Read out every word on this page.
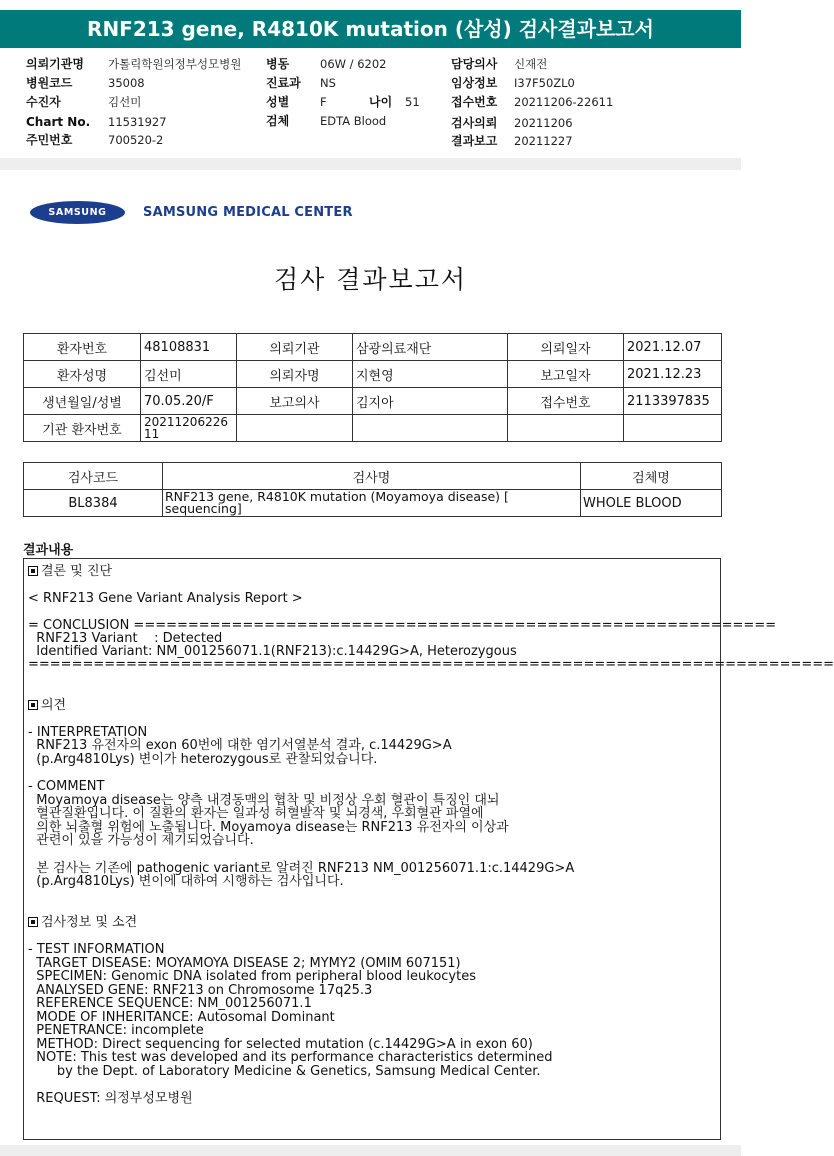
RNF213 gene, R4810K mutation (삼성) 검사결과보고서
의뢰기관명 가톨릭학원의정부성모병원
병원코드	35008
수진자	김선미
Chart No. 11531927
주민번호	700520-2
병동	06W / 6202
진료과 NS
성별	F	나이 51
검체	EDTA Blood
담당의사 신재전
임상정보 I37F50ZL0
접수번호 20211206-22611
검사의뢰 20211206
결과보고 20211227
SAMSUNG	SAMSUNG MEDICAL CENTER
검사 결과보고서
환자번호	48108831	의뢰기관	삼광의료재단	의뢰일자	2021.12.07
환자성명	김선미	의뢰자명	지현영	보고일자	2021.12.23
생년월일/성별	70.05.20/F	보고의사	김지아	접수번호	2113397835
기관 환자번호	20211206226 11				
검사코드	검사명	검체명
BL8384	RNF213 gene, R4810K mutation (Moyamoya disease) [ sequencing]	WHOLE BLOOD
결과내용
결론 및 진단
< RNF213 Gene Variant Analysis Report >
= CONCLUSION ===========================================================
RNF213 Variant    : Detected
Identified Variant: NM_001256071.1(RNF213):c.14429G>A, Heterozygous
==========================================================================
의견
- INTERPRETATION
RNF213 유전자의 exon 60번에 대한 염기서열분석 결과, c.14429G>A
(p.Arg4810Lys) 변이가 heterozygous로 관찰되었습니다.
- COMMENT
Moyamoya disease는 양측 내경동맥의 협착 및 비정상 우회 혈관이 특징인 대뇌
혈관질환입니다. 이 질환의 환자는 일과성 허혈발작 및 뇌경색, 우회혈관 파열에
의한 뇌출혈 위험에 노출됩니다. Moyamoya disease는 RNF213 유전자의 이상과
관련이 있을 가능성이 제기되었습니다.
본 검사는 기존에 pathogenic variant로 알려진 RNF213 NM_001256071.1:c.14429G>A
(p.Arg4810Lys) 변이에 대하여 시행하는 검사입니다.
검사정보 및 소견
- TEST INFORMATION
TARGET DISEASE: MOYAMOYA DISEASE 2; MYMY2 (OMIM 607151)
SPECIMEN: Genomic DNA isolated from peripheral blood leukocytes
ANALYSED GENE: RNF213 on Chromosome 17q25.3
REFERENCE SEQUENCE: NM_001256071.1
MODE OF INHERITANCE: Autosomal Dominant
PENETRANCE: incomplete
METHOD: Direct sequencing for selected mutation (c.14429G>A in exon 60)
NOTE: This test was developed and its performance characteristics determined
by the Dept. of Laboratory Medicine & Genetics, Samsung Medical Center.
REQUEST: 의정부성모병원
